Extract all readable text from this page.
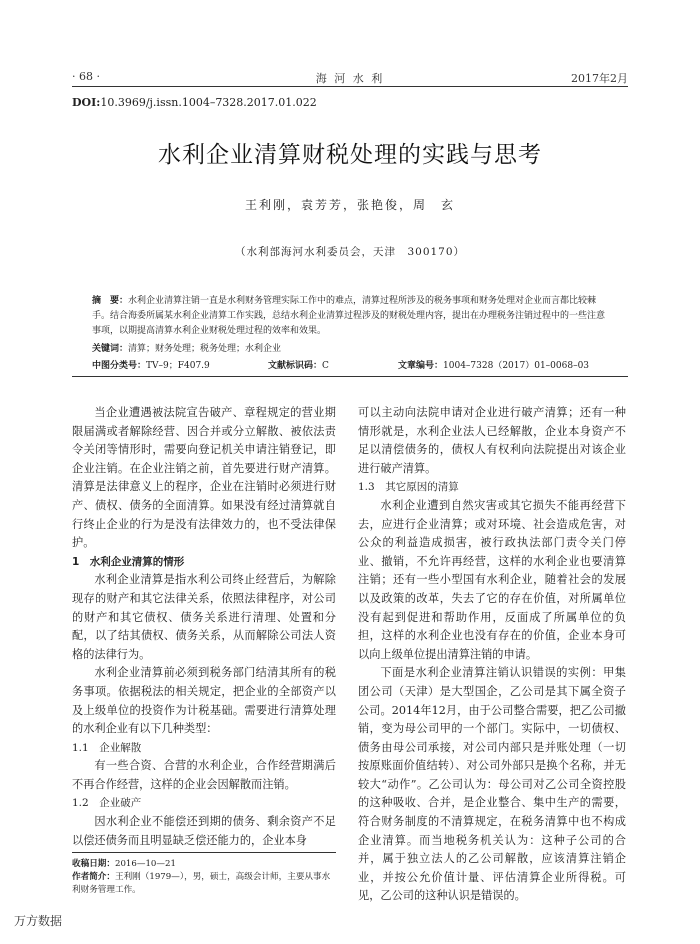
· 68 ·	海 河 水 利	2017年2月
DOI:10.3969/j.issn.1004–7328.2017.01.022
水利企业清算财税处理的实践与思考
王利刚，袁芳芳，张艳俊，周　玄
（水利部海河水利委员会，天津　300170）
摘　要：水利企业清算注销一直是水利财务管理实际工作中的难点，清算过程所涉及的税务事项和财务处理对企业而言都比较棘手。结合海委所属某水利企业清算工作实践，总结水利企业清算过程涉及的财税处理内容，提出在办理税务注销过程中的一些注意事项，以期提高清算水利企业财税处理过程的效率和效果。
关键词：清算；财务处理；税务处理；水利企业
中图分类号：TV–9；F407.9	文献标识码：C	文章编号：1004–7328（2017）01–0068–03

当企业遭遇被法院宣告破产、章程规定的营业期限届满或者解除经营、因合并或分立解散、被依法责令关闭等情形时，需要向登记机关申请注销登记，即企业注销。在企业注销之前，首先要进行财产清算。清算是法律意义上的程序，企业在注销时必须进行财产、债权、债务的全面清算。如果没有经过清算就自行终止企业的行为是没有法律效力的，也不受法律保护。

1　水利企业清算的情形

水利企业清算是指水利公司终止经营后，为解除现存的财产和其它法律关系，依照法律程序，对公司的财产和其它债权、债务关系进行清理、处置和分配，以了结其债权、债务关系，从而解除公司法人资格的法律行为。

水利企业清算前必须到税务部门结清其所有的税务事项。依据税法的相关规定，把企业的全部资产以及上级单位的投资作为计税基础。需要进行清算处理的水利企业有以下几种类型：

1.1　企业解散

有一些合资、合营的水利企业，合作经营期满后不再合作经营，这样的企业会因解散而注销。

1.2　企业破产

因水利企业不能偿还到期的债务、剩余资产不足以偿还债务而且明显缺乏偿还能力的，企业本身

收稿日期：2016—10—21
作者简介：王利刚（1979—），男，硕士，高级会计师，主要从事水利财务管理工作。

可以主动向法院申请对企业进行破产清算；还有一种情形就是，水利企业法人已经解散，企业本身资产不足以清偿债务的，债权人有权利向法院提出对该企业进行破产清算。

1.3　其它原因的清算

水利企业遭到自然灾害或其它损失不能再经营下去，应进行企业清算；或对环境、社会造成危害，对公众的利益造成损害，被行政执法部门责令关门停业、撤销，不允许再经营，这样的水利企业也要清算注销；还有一些小型国有水利企业，随着社会的发展以及政策的改革，失去了它的存在价值，对所属单位没有起到促进和帮助作用，反面成了所属单位的负担，这样的水利企业也没有存在的价值，企业本身可以向上级单位提出清算注销的申请。

下面是水利企业清算注销认识错误的实例：甲集团公司（天津）是大型国企，乙公司是其下属全资子公司。2014年12月，由于公司整合需要，把乙公司撤销，变为母公司甲的一个部门。实际中，一切债权、债务由母公司承接，对公司内部只是并账处理（一切按原账面价值结转）、对公司外部只是换个名称，并无较大“动作”。乙公司认为：母公司对乙公司全资控股的这种吸收、合并，是企业整合、集中生产的需要，符合财务制度的不清算规定，在税务清算中也不构成企业清算。而当地税务机关认为：这种子公司的合并，属于独立法人的乙公司解散，应该清算注销企业，并按公允价值计量、评估清算企业所得税。可见，乙公司的这种认识是错误的。

万方数据
